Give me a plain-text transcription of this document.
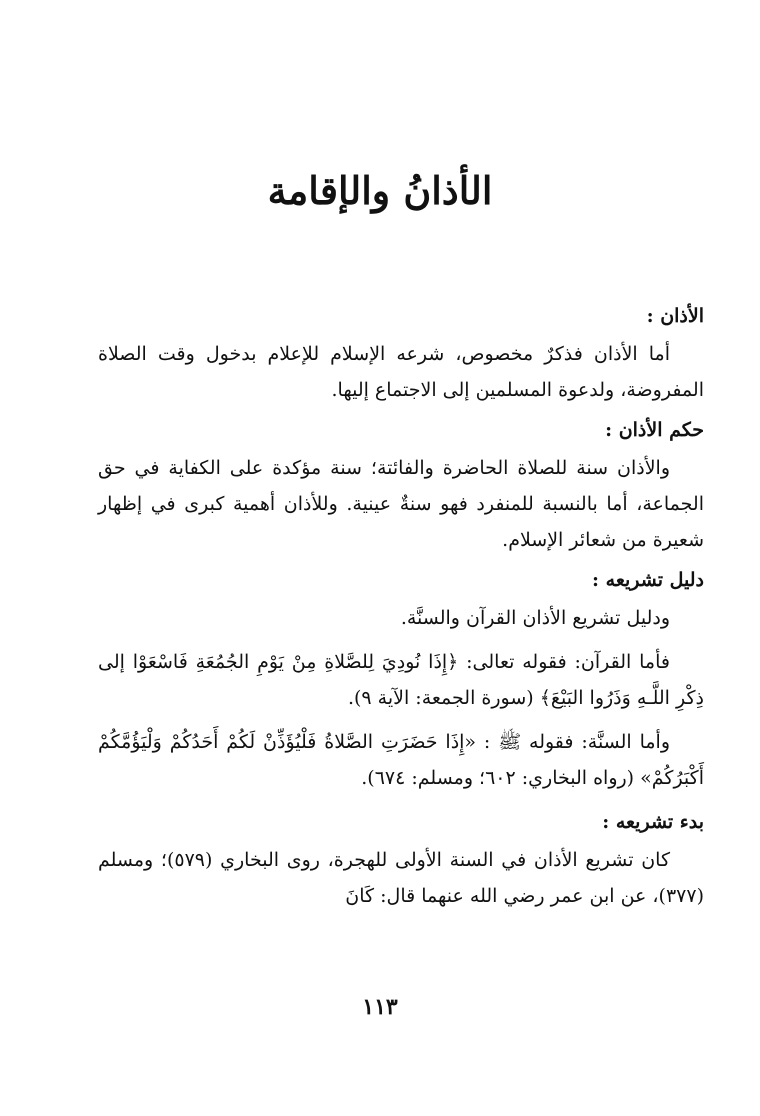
الأذانُ والإقامة
الأذان :

أما الأذان فذكرٌ مخصوص، شرعه الإسلام للإعلام بدخول وقت الصلاة المفروضة، ولدعوة المسلمين إلى الاجتماع إليها.

حكم الأذان :

والأذان سنة للصلاة الحاضرة والفائتة؛ سنة مؤكدة على الكفاية في حق الجماعة، أما بالنسبة للمنفرد فهو سنةٌ عينية. وللأذان أهمية كبرى في إظهار شعيرة من شعائر الإسلام.

دليل تشريعه :

ودليل تشريع الأذان القرآن والسنَّة.

فأما القرآن: فقوله تعالى: ﴿إِذَا نُودِيَ لِلصَّلاةِ مِنْ يَوْمِ الجُمُعَةِ فَاسْعَوْا إلى ذِكْرِ اللَّـهِ وَذَرُوا البَيْعَ﴾ (سورة الجمعة: الآية ٩).

وأما السنَّة: فقوله ﷺ : «إِذَا حَضَرَتِ الصَّلاةُ فَلْيُؤَذِّنْ لَكُمْ أَحَدُكُمْ وَلْيَؤُمَّكُمْ أَكْبَرُكُمْ» (رواه البخاري: ٦٠٢؛ ومسلم: ٦٧٤).

بدء تشريعه :

كان تشريع الأذان في السنة الأولى للهجرة، روى البخاري (٥٧٩)؛ ومسلم (٣٧٧)، عن ابن عمر رضي الله عنهما قال: كَانَ

١١٣
